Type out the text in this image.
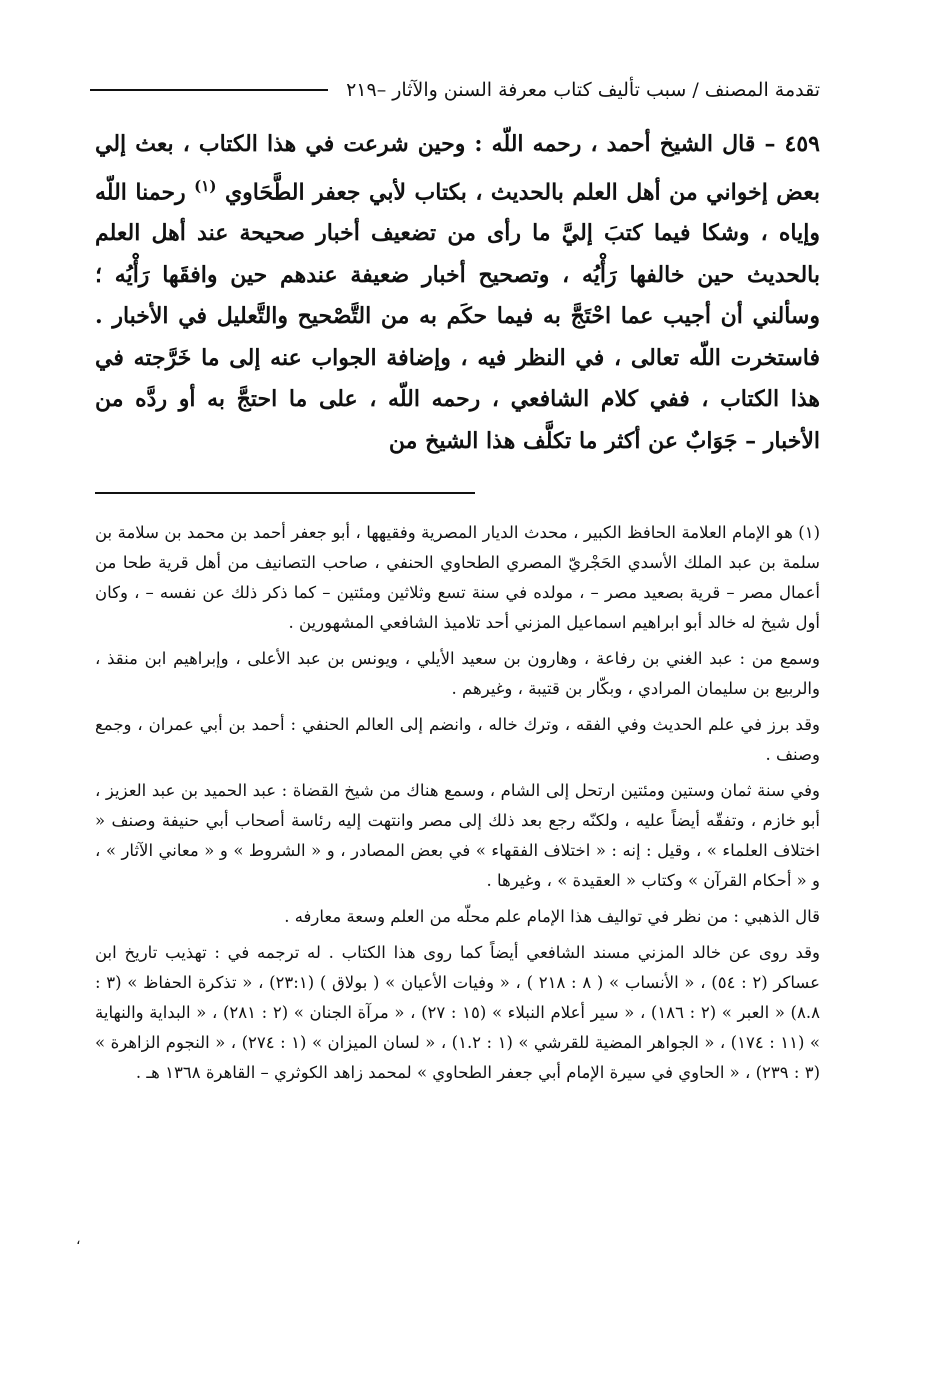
تقدمة المصنف / سبب تأليف كتاب معرفة السنن والآثار –٢١٩

٤٥٩ – قال الشيخ أحمد ، رحمه اللّه : وحين شرعت في هذا الكتاب ، بعث إلي بعض إخواني من أهل العلم بالحديث ، بكتاب لأبي جعفر الطَّحَاوي $^{(١)}$ رحمنا اللّه وإياه ، وشكا فيما كتبَ إليَّ ما رأى من تضعيف أخبار صحيحة عند أهل العلم بالحديث حين خالفها رَأْيُه ، وتصحيح أخبار ضعيفة عندهم حين وافقَها رَأْيُه ؛ وسألني أن أجيب عما احْتَجَّ به فيما حكَم به من التَّصْحيح والتَّعليل في الأخبار . فاستخرت اللّه تعالى ، في النظر فيه ، وإضافة الجواب عنه إلى ما خَرَّجته في هذا الكتاب ، ففي كلام الشافعي ، رحمه اللّه ، على ما احتجَّ به أو ردَّه من الأخبار – جَوَابٌ عن أكثر ما تكلَّف هذا الشيخ من

(١) هو الإمام العلامة الحافظ الكبير ، محدث الديار المصرية وفقيهها ، أبو جعفر أحمد بن محمد بن سلامة بن سلمة بن عبد الملك الأسدي الحَجْريّ المصري الطحاوي الحنفي ، صاحب التصانيف من أهل قرية طحا من أعمال مصر – قرية بصعيد مصر – ، مولده في سنة تسع وثلاثين ومئتين – كما ذكر ذلك عن نفسه – ، وكان أول شيخ له خالد أبو ابراهيم اسماعيل المزني أحد تلاميذ الشافعي المشهورين .

وسمع من : عبد الغني بن رفاعة ، وهارون بن سعيد الأيلي ، ويونس بن عبد الأعلى ، وإبراهيم ابن منقذ ، والربيع بن سليمان المرادي ، وبكّار بن قتيبة ، وغيرهم .

وقد برز في علم الحديث وفي الفقه ، وترك خاله ، وانضم إلى العالم الحنفي : أحمد بن أبي عمران ، وجمع وصنف .

وفي سنة ثمان وستين ومئتين ارتحل إلى الشام ، وسمع هناك من شيخ القضاة : عبد الحميد بن عبد العزيز ، أبو خازم ، وتفقّه أيضاً عليه ، ولكنّه رجع بعد ذلك إلى مصر وانتهت إليه رئاسة أصحاب أبي حنيفة وصنف « اختلاف العلماء » ، وقيل : إنه : « اختلاف الفقهاء » في بعض المصادر ، و « الشروط » و « معاني الآثار » ، و « أحكام القرآن » وكتاب « العقيدة » ، وغيرها .

قال الذهبي : من نظر في تواليف هذا الإمام علم محلّه من العلم وسعة معارفه .

وقد روى عن خالد المزني مسند الشافعي أيضاً كما روى هذا الكتاب . له ترجمه في : تهذيب تاريخ ابن عساكر (٢ : ٥٤) ، « الأنساب » ( ٨ : ٢١٨ ) ، « وفيات الأعيان » ( بولاق ) (٢٣:١) ، « تذكرة الحفاظ » (٣ : ٨.٨) « العبر » (٢ : ١٨٦) ، « سير أعلام النبلاء » (١٥ : ٢٧) ، « مرآة الجنان » (٢ : ٢٨١) ، « البداية والنهاية » (١١ : ١٧٤) ، « الجواهر المضية للقرشي » (١ : ١.٢) ، « لسان الميزان » (١ : ٢٧٤) ، « النجوم الزاهرة » (٣ : ٢٣٩) ، « الحاوي في سيرة الإمام أبي جعفر الطحاوي » لمحمد زاهد الكوثري – القاهرة ١٣٦٨ هـ .

،
